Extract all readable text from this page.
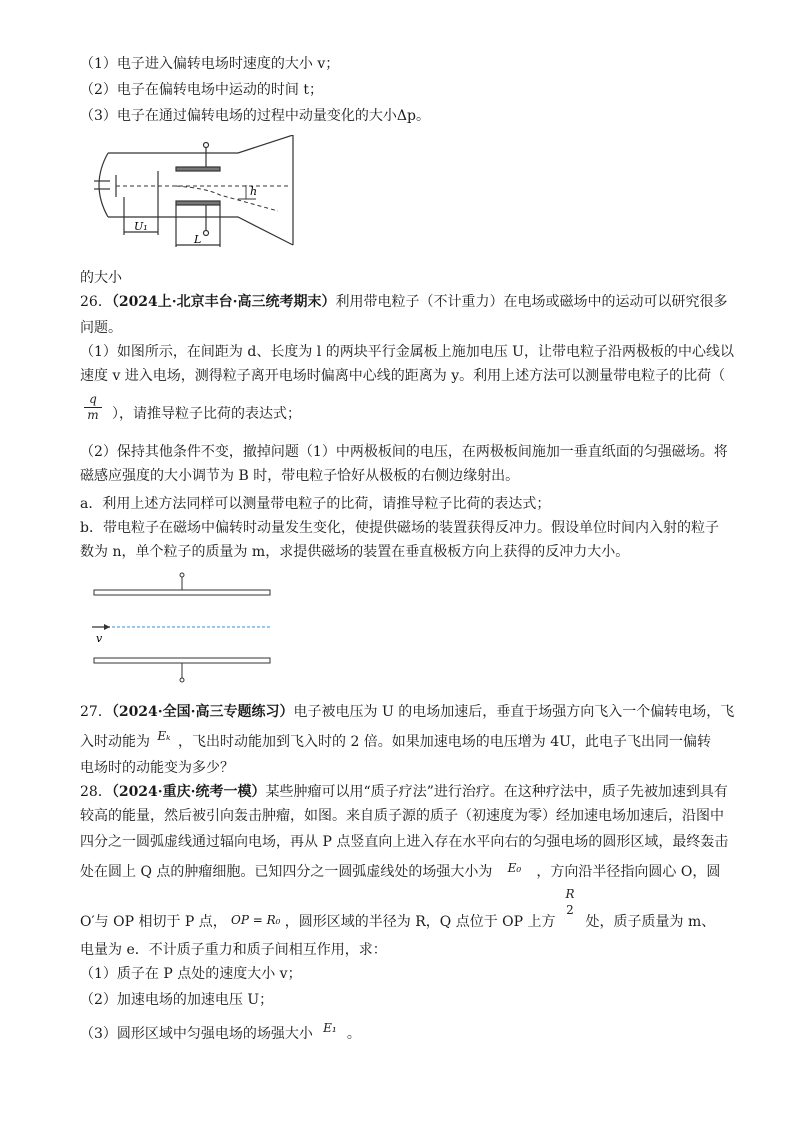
（1）电子进入偏转电场时速度的大小 v；
（2）电子在偏转电场中运动的时间 t；
（3）电子在通过偏转电场的过程中动量变化的大小Δp。
h
U₁
L
的大小
26．（2024上·北京丰台·高三统考期末）利用带电粒子（不计重力）在电场或磁场中的运动可以研究很多
问题。
（1）如图所示，在间距为 d、长度为 l 的两块平行金属板上施加电压 U，让带电粒子沿两极板的中心线以
速度 v 进入电场，测得粒子离开电场时偏离中心线的距离为 y。利用上述方法可以测量带电粒子的比荷（
$\frac{q}{m}$ ），请推导粒子比荷的表达式；
（2）保持其他条件不变，撤掉问题（1）中两极板间的电压，在两极板间施加一垂直纸面的匀强磁场。将
磁感应强度的大小调节为 B 时，带电粒子恰好从极板的右侧边缘射出。
a．利用上述方法同样可以测量带电粒子的比荷，请推导粒子比荷的表达式；
b．带电粒子在磁场中偏转时动量发生变化，使提供磁场的装置获得反冲力。假设单位时间内入射的粒子
数为 n，单个粒子的质量为 m，求提供磁场的装置在垂直极板方向上获得的反冲力大小。
v
27．（2024·全国·高三专题练习）电子被电压为 U 的电场加速后，垂直于场强方向飞入一个偏转电场，飞
入时动能为 Eₖ ，飞出时动能加到飞入时的 2 倍。如果加速电场的电压增为 4U，此电子飞出同一偏转
电场时的动能变为多少？
28．（2024·重庆·统考一模）某些肿瘤可以用“质子疗法”进行治疗。在这种疗法中，质子先被加速到具有
较高的能量，然后被引向轰击肿瘤，如图。来自质子源的质子（初速度为零）经加速电场加速后，沿图中
四分之一圆弧虚线通过辐向电场，再从 P 点竖直向上进入存在水平向右的匀强电场的圆形区域，最终轰击
处在圆上 Q 点的肿瘤细胞。已知四分之一圆弧虚线处的场强大小为 E₀ ，方向沿半径指向圆心 O，圆
R
2
O′与 OP 相切于 P 点， OP = R₀ ，圆形区域的半径为 R，Q 点位于 OP 上方 处，质子质量为 m、
电量为 e．不计质子重力和质子间相互作用，求：
（1）质子在 P 点处的速度大小 v；
（2）加速电场的加速电压 U；
（3）圆形区域中匀强电场的场强大小 E₁ 。
